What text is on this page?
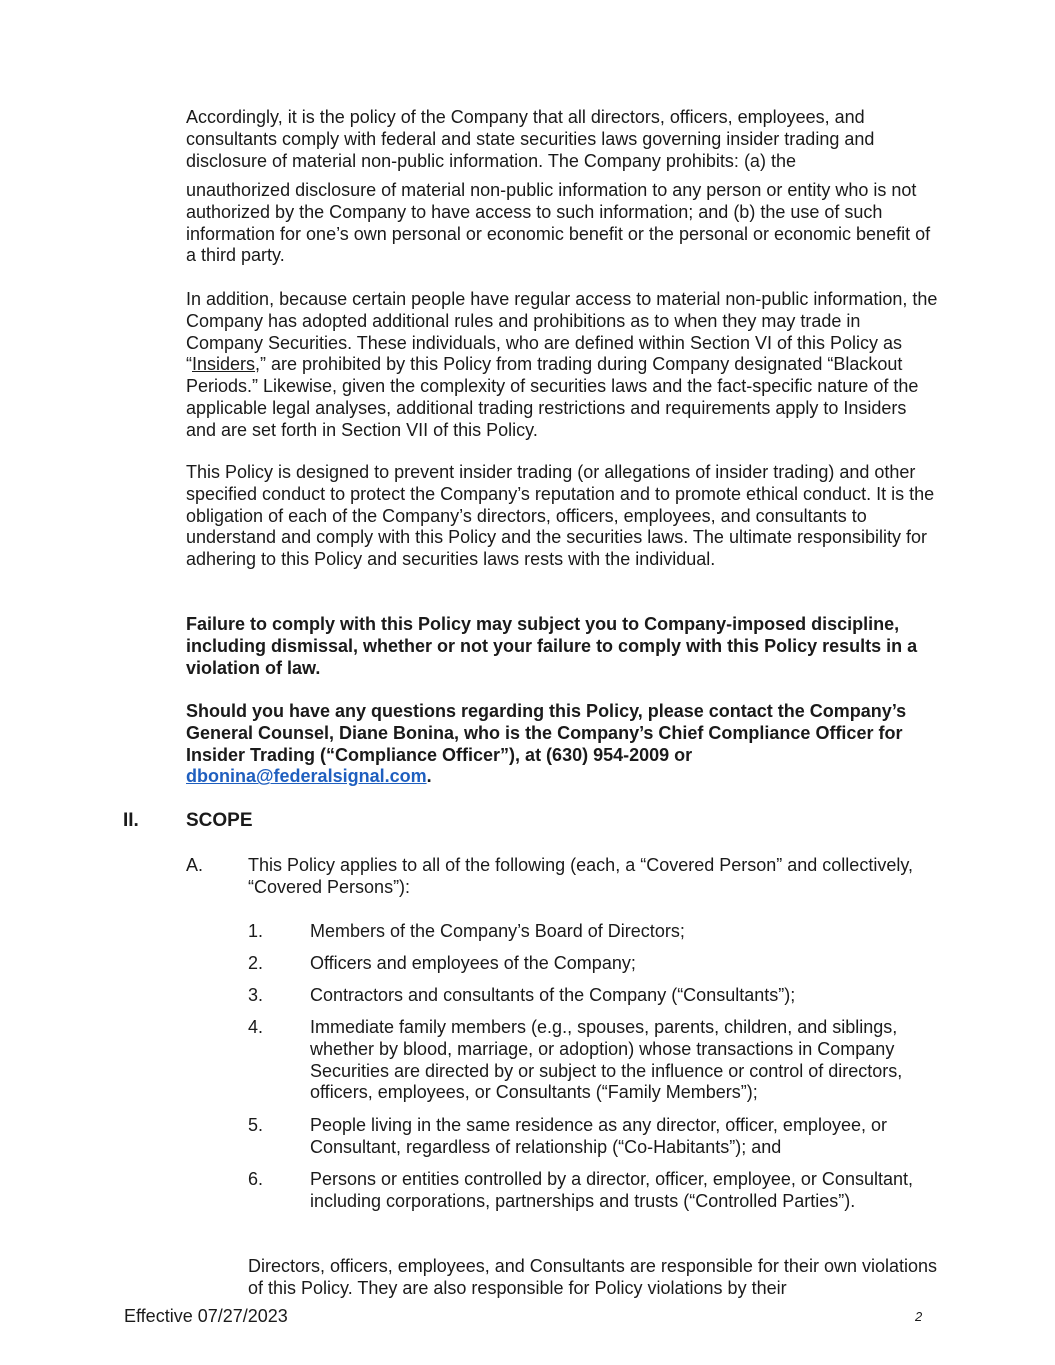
Accordingly, it is the policy of the Company that all directors, officers, employees, and consultants comply with federal and state securities laws governing insider trading and disclosure of material non-public information. The Company prohibits: (a) the

unauthorized disclosure of material non-public information to any person or entity who is not authorized by the Company to have access to such information; and (b) the use of such information for one’s own personal or economic benefit or the personal or economic benefit of a third party.

In addition, because certain people have regular access to material non-public information, the Company has adopted additional rules and prohibitions as to when they may trade in Company Securities. These individuals, who are defined within Section VI of this Policy as “Insiders,” are prohibited by this Policy from trading during Company designated “Blackout Periods.” Likewise, given the complexity of securities laws and the fact-specific nature of the applicable legal analyses, additional trading restrictions and requirements apply to Insiders and are set forth in Section VII of this Policy.

This Policy is designed to prevent insider trading (or allegations of insider trading) and other specified conduct to protect the Company’s reputation and to promote ethical conduct. It is the obligation of each of the Company’s directors, officers, employees, and consultants to understand and comply with this Policy and the securities laws. The ultimate responsibility for adhering to this Policy and securities laws rests with the individual.

Failure to comply with this Policy may subject you to Company-imposed discipline, including dismissal, whether or not your failure to comply with this Policy results in a violation of law.

Should you have any questions regarding this Policy, please contact the Company’s General Counsel, Diane Bonina, who is the Company’s Chief Compliance Officer for Insider Trading (“Compliance Officer”), at (630) 954-2009 or dbonina@federalsignal.com.

II. SCOPE
A. This Policy applies to all of the following (each, a “Covered Person” and collectively, “Covered Persons”):

1.	Members of the Company’s Board of Directors;

2.	Officers and employees of the Company;

3.	Contractors and consultants of the Company (“Consultants”);

4.	Immediate family members (e.g., spouses, parents, children, and siblings, whether by blood, marriage, or adoption) whose transactions in Company Securities are directed by or subject to the influence or control of directors, officers, employees, or Consultants (“Family Members”);

5.	People living in the same residence as any director, officer, employee, or Consultant, regardless of relationship (“Co-Habitants”); and

6.	Persons or entities controlled by a director, officer, employee, or Consultant, including corporations, partnerships and trusts (“Controlled Parties”).

Directors, officers, employees, and Consultants are responsible for their own violations of this Policy. They are also responsible for Policy violations by their

Effective 07/27/2023	2
